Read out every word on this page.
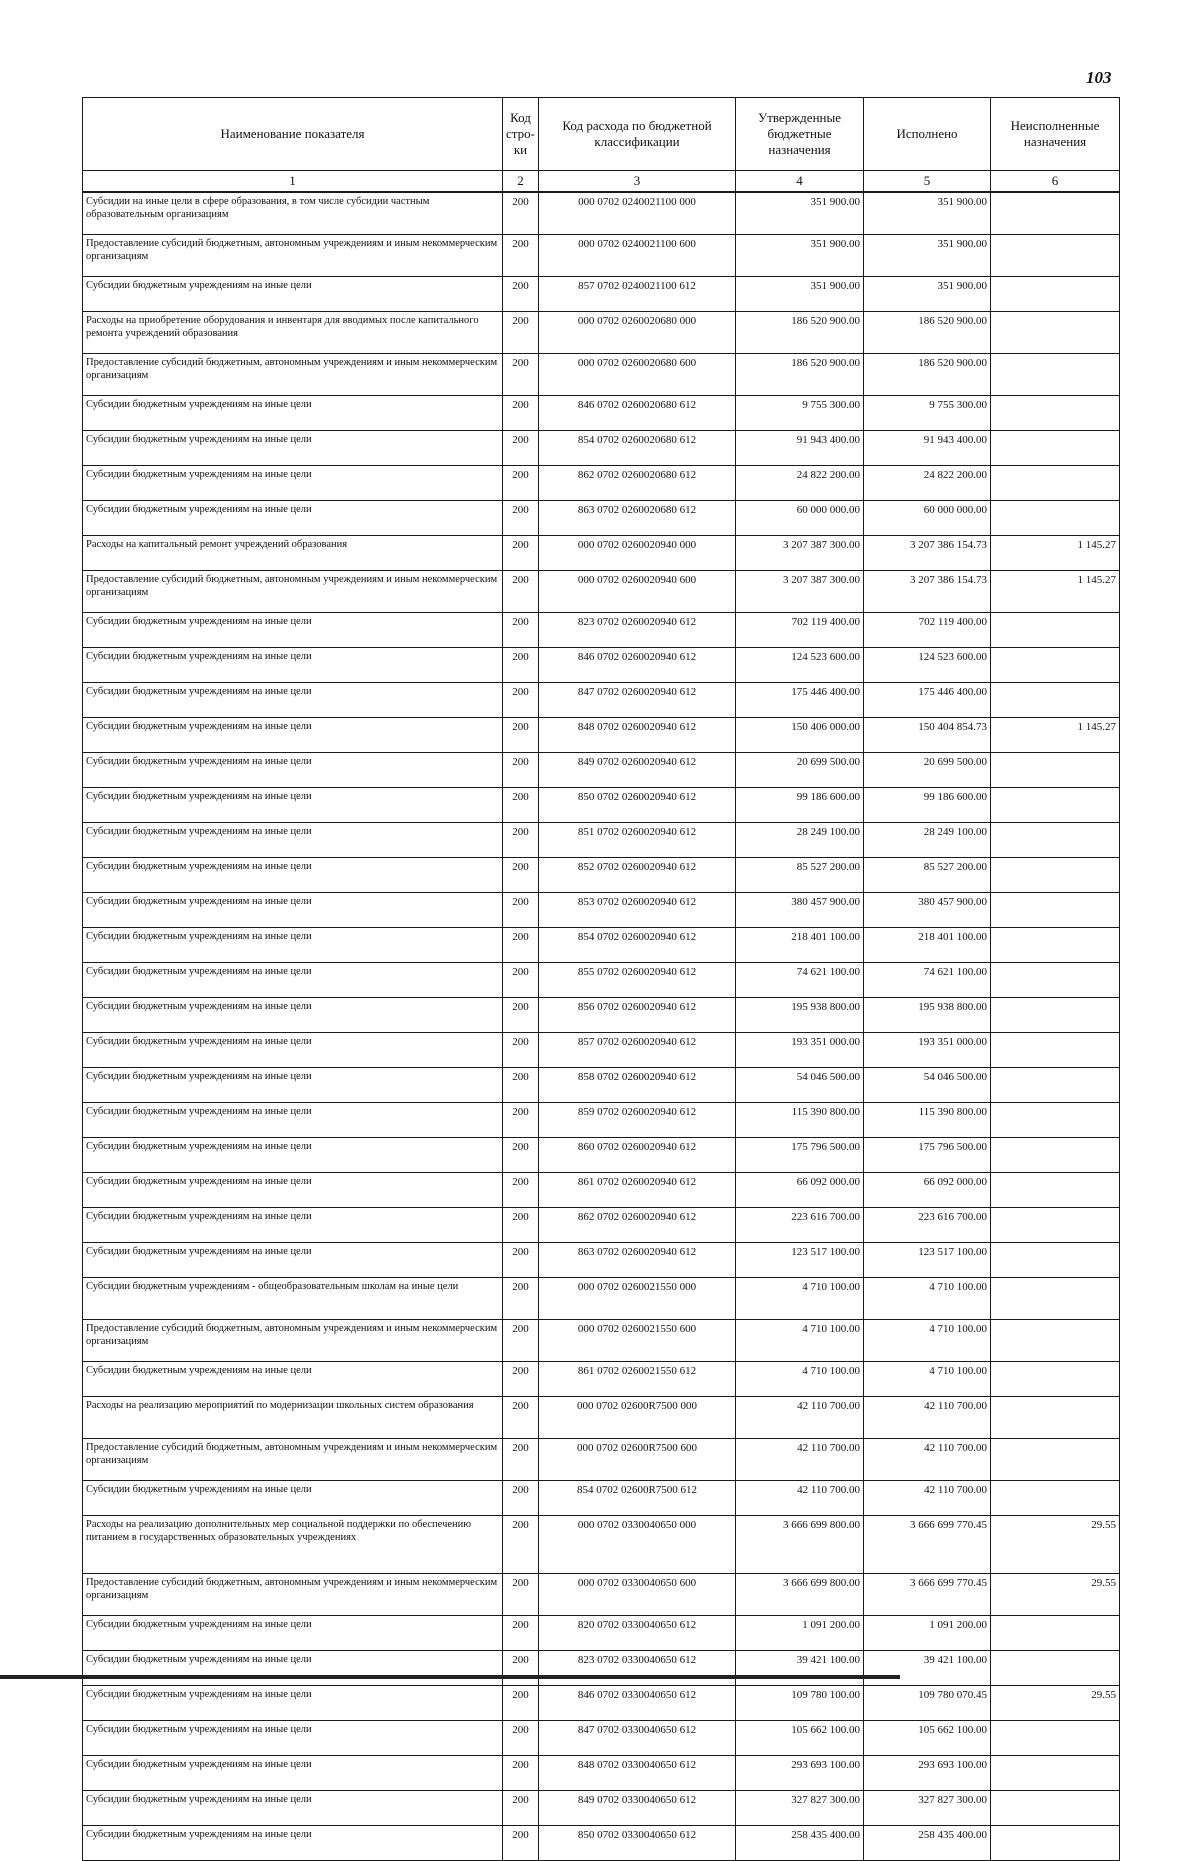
103
Наименование показателя	Код стро-ки	Код расхода по бюджетной классификации	Утвержденные бюджетные назначения	Исполнено	Неисполненные назначения
1	2	3	4	5	6
Субсидии на иные цели в сфере образования, в том числе субсидии частным образовательным организациям	200	000 0702 0240021100 000	351 900.00	351 900.00	
Предоставление субсидий бюджетным, автономным учреждениям и иным некоммерческим организациям	200	000 0702 0240021100 600	351 900.00	351 900.00	
Субсидии бюджетным учреждениям на иные цели	200	857 0702 0240021100 612	351 900.00	351 900.00	
Расходы на приобретение оборудования и инвентаря для вводимых после капитального ремонта учреждений образования	200	000 0702 0260020680 000	186 520 900.00	186 520 900.00	
Предоставление субсидий бюджетным, автономным учреждениям и иным некоммерческим организациям	200	000 0702 0260020680 600	186 520 900.00	186 520 900.00	
Субсидии бюджетным учреждениям на иные цели	200	846 0702 0260020680 612	9 755 300.00	9 755 300.00	
Субсидии бюджетным учреждениям на иные цели	200	854 0702 0260020680 612	91 943 400.00	91 943 400.00	
Субсидии бюджетным учреждениям на иные цели	200	862 0702 0260020680 612	24 822 200.00	24 822 200.00	
Субсидии бюджетным учреждениям на иные цели	200	863 0702 0260020680 612	60 000 000.00	60 000 000.00	
Расходы на капитальный ремонт учреждений образования	200	000 0702 0260020940 000	3 207 387 300.00	3 207 386 154.73	1 145.27
Предоставление субсидий бюджетным, автономным учреждениям и иным некоммерческим организациям	200	000 0702 0260020940 600	3 207 387 300.00	3 207 386 154.73	1 145.27
Субсидии бюджетным учреждениям на иные цели	200	823 0702 0260020940 612	702 119 400.00	702 119 400.00	
Субсидии бюджетным учреждениям на иные цели	200	846 0702 0260020940 612	124 523 600.00	124 523 600.00	
Субсидии бюджетным учреждениям на иные цели	200	847 0702 0260020940 612	175 446 400.00	175 446 400.00	
Субсидии бюджетным учреждениям на иные цели	200	848 0702 0260020940 612	150 406 000.00	150 404 854.73	1 145.27
Субсидии бюджетным учреждениям на иные цели	200	849 0702 0260020940 612	20 699 500.00	20 699 500.00	
Субсидии бюджетным учреждениям на иные цели	200	850 0702 0260020940 612	99 186 600.00	99 186 600.00	
Субсидии бюджетным учреждениям на иные цели	200	851 0702 0260020940 612	28 249 100.00	28 249 100.00	
Субсидии бюджетным учреждениям на иные цели	200	852 0702 0260020940 612	85 527 200.00	85 527 200.00	
Субсидии бюджетным учреждениям на иные цели	200	853 0702 0260020940 612	380 457 900.00	380 457 900.00	
Субсидии бюджетным учреждениям на иные цели	200	854 0702 0260020940 612	218 401 100.00	218 401 100.00	
Субсидии бюджетным учреждениям на иные цели	200	855 0702 0260020940 612	74 621 100.00	74 621 100.00	
Субсидии бюджетным учреждениям на иные цели	200	856 0702 0260020940 612	195 938 800.00	195 938 800.00	
Субсидии бюджетным учреждениям на иные цели	200	857 0702 0260020940 612	193 351 000.00	193 351 000.00	
Субсидии бюджетным учреждениям на иные цели	200	858 0702 0260020940 612	54 046 500.00	54 046 500.00	
Субсидии бюджетным учреждениям на иные цели	200	859 0702 0260020940 612	115 390 800.00	115 390 800.00	
Субсидии бюджетным учреждениям на иные цели	200	860 0702 0260020940 612	175 796 500.00	175 796 500.00	
Субсидии бюджетным учреждениям на иные цели	200	861 0702 0260020940 612	66 092 000.00	66 092 000.00	
Субсидии бюджетным учреждениям на иные цели	200	862 0702 0260020940 612	223 616 700.00	223 616 700.00	
Субсидии бюджетным учреждениям на иные цели	200	863 0702 0260020940 612	123 517 100.00	123 517 100.00	
Субсидии бюджетным учреждениям - общеобразовательным школам на иные цели	200	000 0702 0260021550 000	4 710 100.00	4 710 100.00	
Предоставление субсидий бюджетным, автономным учреждениям и иным некоммерческим организациям	200	000 0702 0260021550 600	4 710 100.00	4 710 100.00	
Субсидии бюджетным учреждениям на иные цели	200	861 0702 0260021550 612	4 710 100.00	4 710 100.00	
Расходы на реализацию мероприятий по модернизации школьных систем образования	200	000 0702 02600R7500 000	42 110 700.00	42 110 700.00	
Предоставление субсидий бюджетным, автономным учреждениям и иным некоммерческим организациям	200	000 0702 02600R7500 600	42 110 700.00	42 110 700.00	
Субсидии бюджетным учреждениям на иные цели	200	854 0702 02600R7500 612	42 110 700.00	42 110 700.00	
Расходы на реализацию дополнительных мер социальной поддержки по обеспечению питанием в государственных образовательных учреждениях	200	000 0702 0330040650 000	3 666 699 800.00	3 666 699 770.45	29.55
Предоставление субсидий бюджетным, автономным учреждениям и иным некоммерческим организациям	200	000 0702 0330040650 600	3 666 699 800.00	3 666 699 770.45	29.55
Субсидии бюджетным учреждениям на иные цели	200	820 0702 0330040650 612	1 091 200.00	1 091 200.00	
Субсидии бюджетным учреждениям на иные цели	200	823 0702 0330040650 612	39 421 100.00	39 421 100.00	
Субсидии бюджетным учреждениям на иные цели	200	846 0702 0330040650 612	109 780 100.00	109 780 070.45	29.55
Субсидии бюджетным учреждениям на иные цели	200	847 0702 0330040650 612	105 662 100.00	105 662 100.00	
Субсидии бюджетным учреждениям на иные цели	200	848 0702 0330040650 612	293 693 100.00	293 693 100.00	
Субсидии бюджетным учреждениям на иные цели	200	849 0702 0330040650 612	327 827 300.00	327 827 300.00	
Субсидии бюджетным учреждениям на иные цели	200	850 0702 0330040650 612	258 435 400.00	258 435 400.00	
